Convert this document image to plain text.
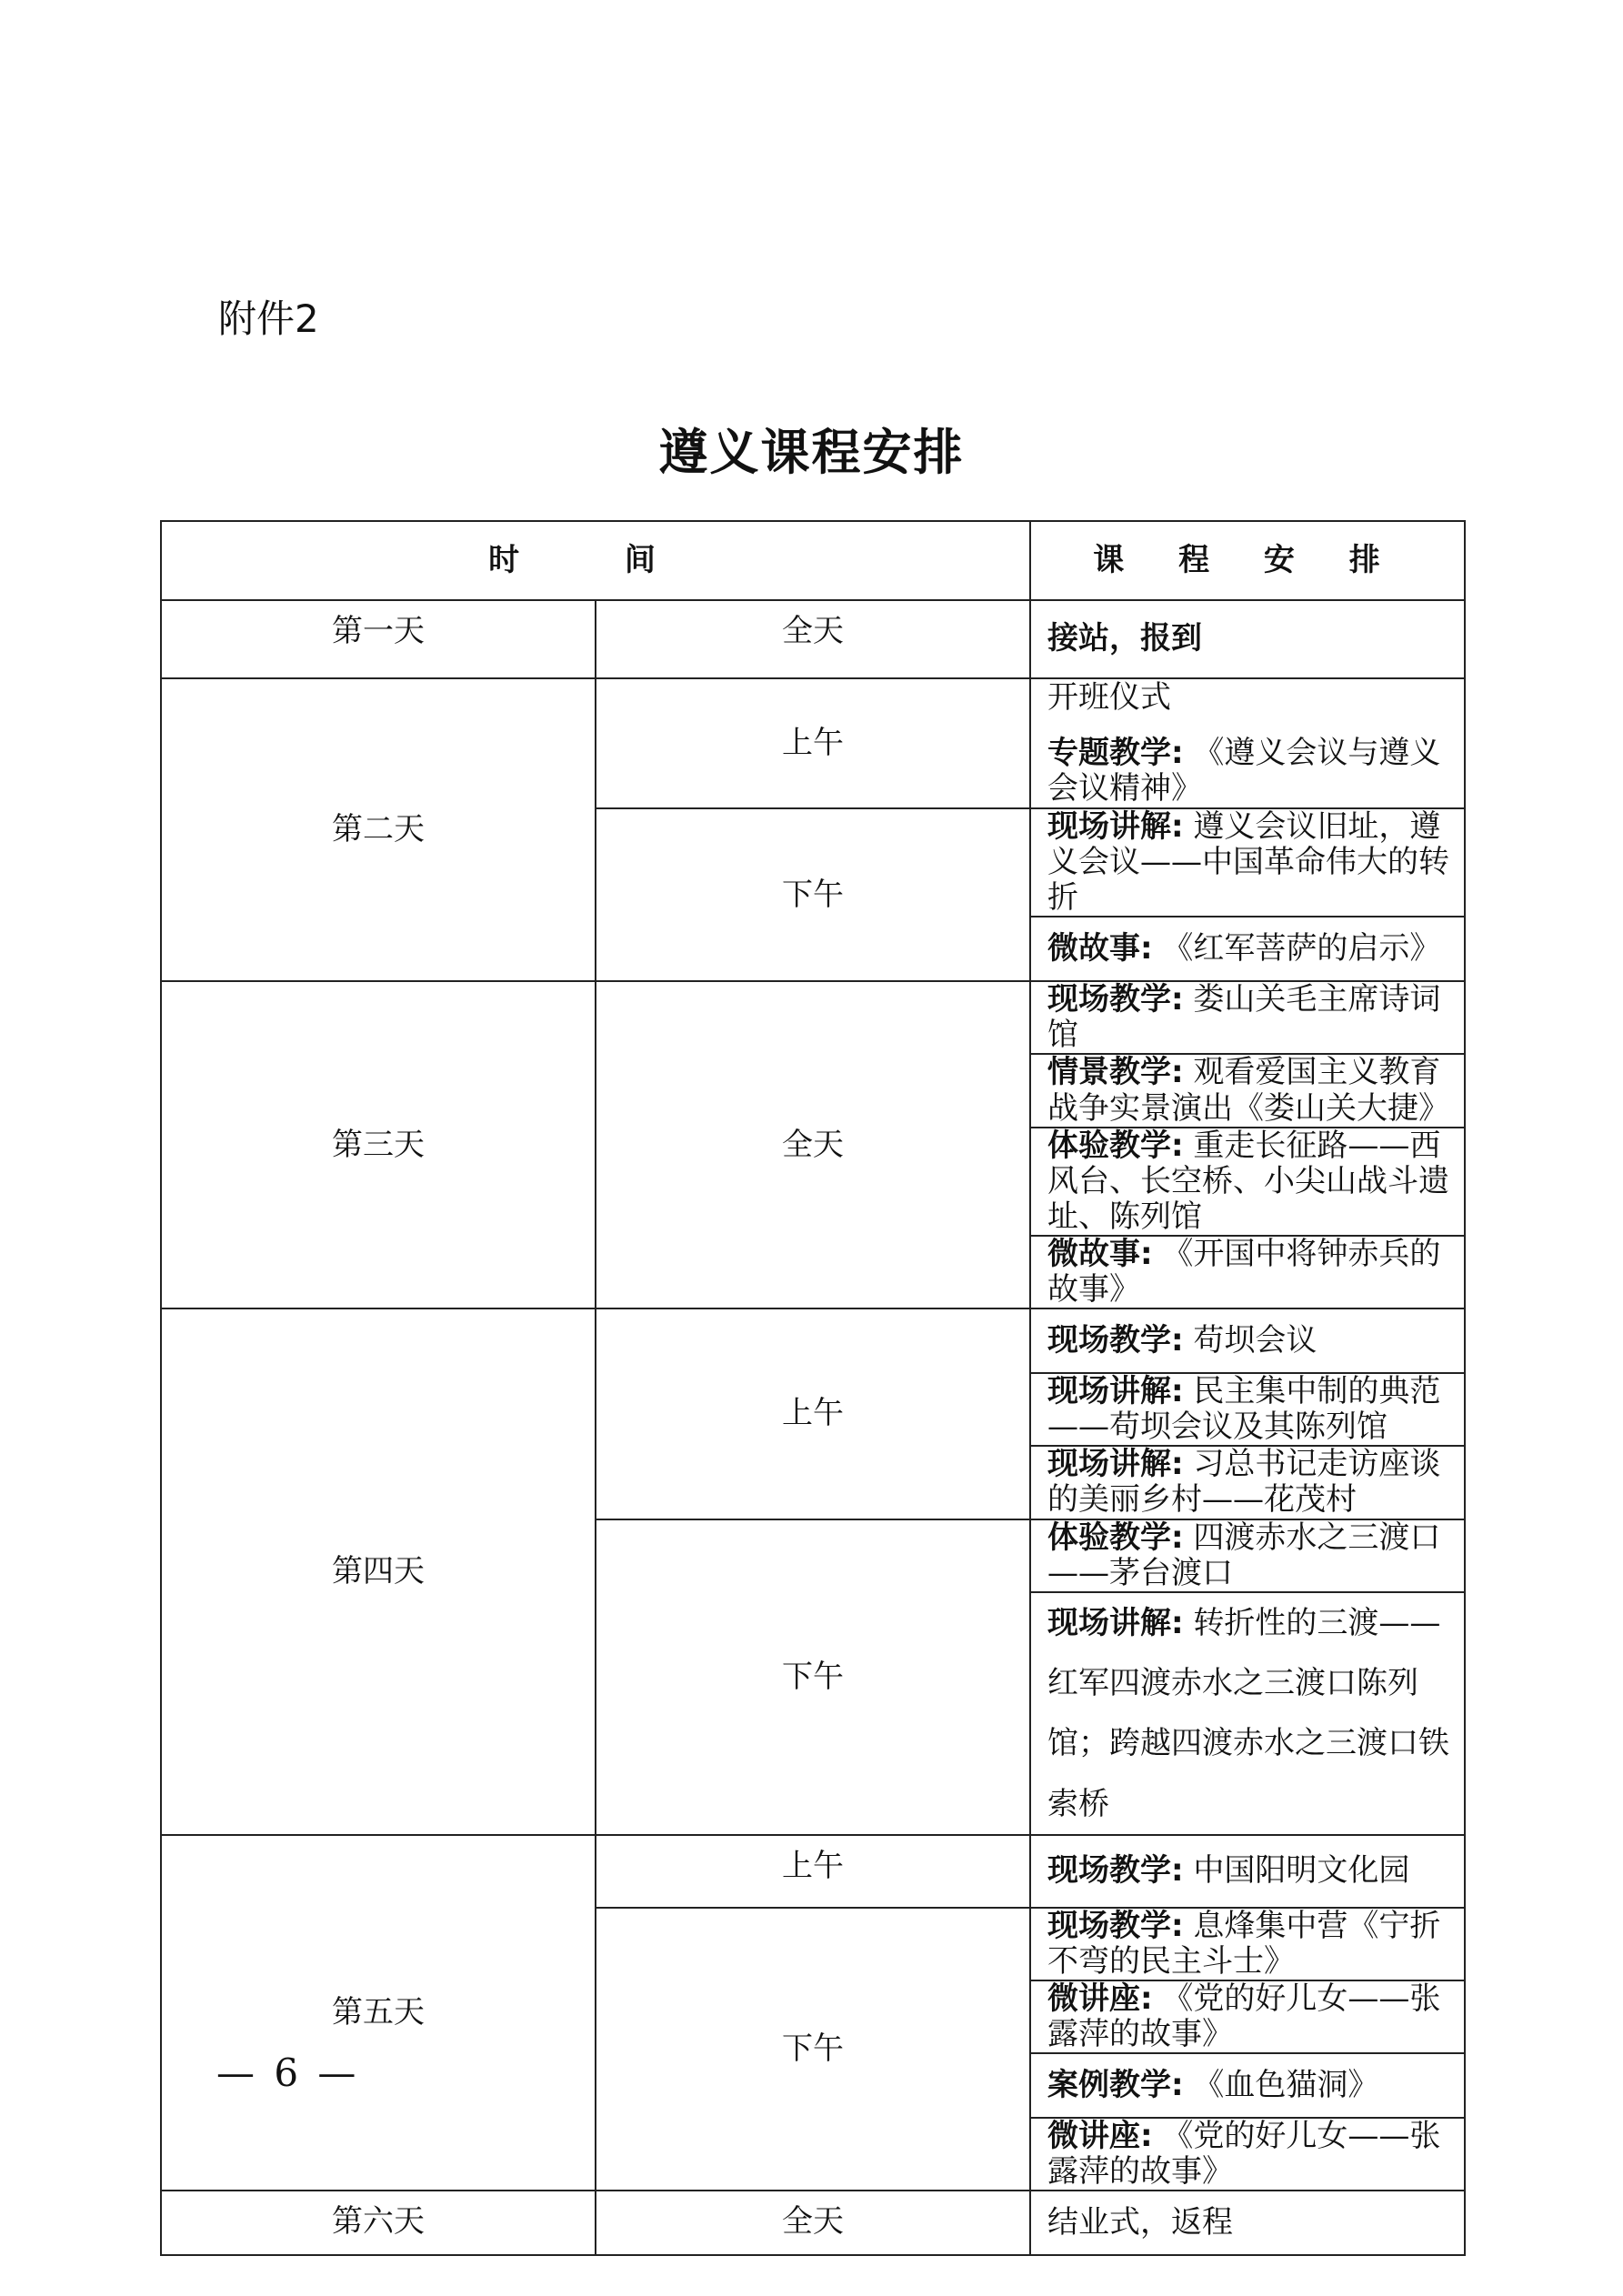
附件2
遵义课程安排
时 间		课 程 安 排
第一天	全天	接站，报到
第二天	上午	开班仪式
专题教学: 《遵义会议与遵义会议精神》

	下午	现场讲解: 遵义会议旧址，遵义会议——中国革命伟大的转折
		微故事: 《红军菩萨的启示》
第三天	全天	现场教学: 娄山关毛主席诗词馆
		情景教学: 观看爱国主义教育战争实景演出《娄山关大捷》
		体验教学: 重走长征路——西风台、长空桥、小尖山战斗遗址、陈列馆
		微故事: 《开国中将钟赤兵的故事》
第四天	上午	现场教学: 苟坝会议
		现场讲解: 民主集中制的典范——苟坝会议及其陈列馆
		现场讲解: 习总书记走访座谈的美丽乡村——花茂村
	下午	体验教学: 四渡赤水之三渡口——茅台渡口
		现场讲解: 转折性的三渡——红军四渡赤水之三渡口陈列馆；跨越四渡赤水之三渡口铁索桥
第五天	上午	现场教学: 中国阳明文化园
	下午	现场教学: 息烽集中营《宁折不弯的民主斗士》
		微讲座: 《党的好儿女——张露萍的故事》
		案例教学: 《血色猫洞》
		微讲座: 《党的好儿女——张露萍的故事》
第六天	全天	结业式，返程
— 6 —
